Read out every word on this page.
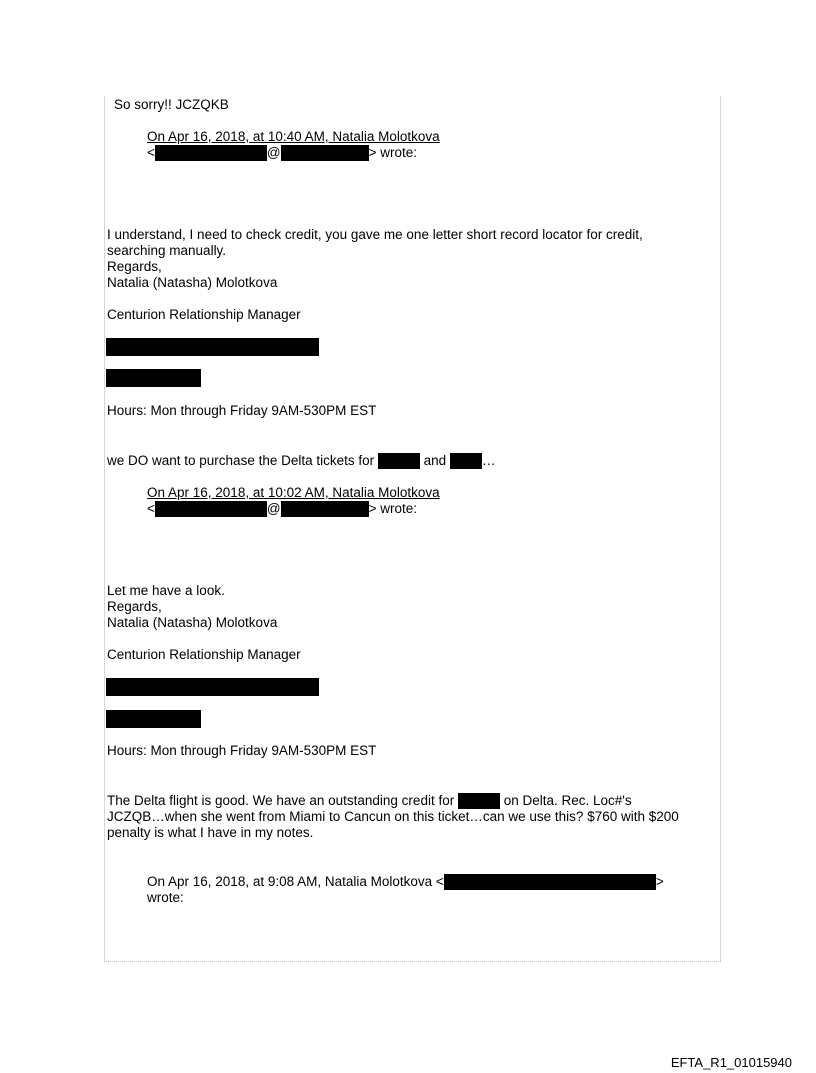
So sorry!! JCZQKB
On Apr 16, 2018, at 10:40 AM, Natalia Molotkova
<	@	> wrote:
I understand, I need to check credit, you gave me one letter short record locator for credit,
searching manually.
Regards,
Natalia (Natasha) Molotkova
Centurion Relationship Manager
Hours: Mon through Friday 9AM-530PM EST
we DO want to purchase the Delta tickets for	and	…
On Apr 16, 2018, at 10:02 AM, Natalia Molotkova
<	@	> wrote:
Let me have a look.
Regards,
Natalia (Natasha) Molotkova
Centurion Relationship Manager
Hours: Mon through Friday 9AM-530PM EST
The Delta flight is good. We have an outstanding credit for	on Delta. Rec. Loc#'s
JCZQB…when she went from Miami to Cancun on this ticket…can we use this? $760 with $200
penalty is what I have in my notes.
On Apr 16, 2018, at 9:08 AM, Natalia Molotkova <	>
wrote:
EFTA_R1_01015940
